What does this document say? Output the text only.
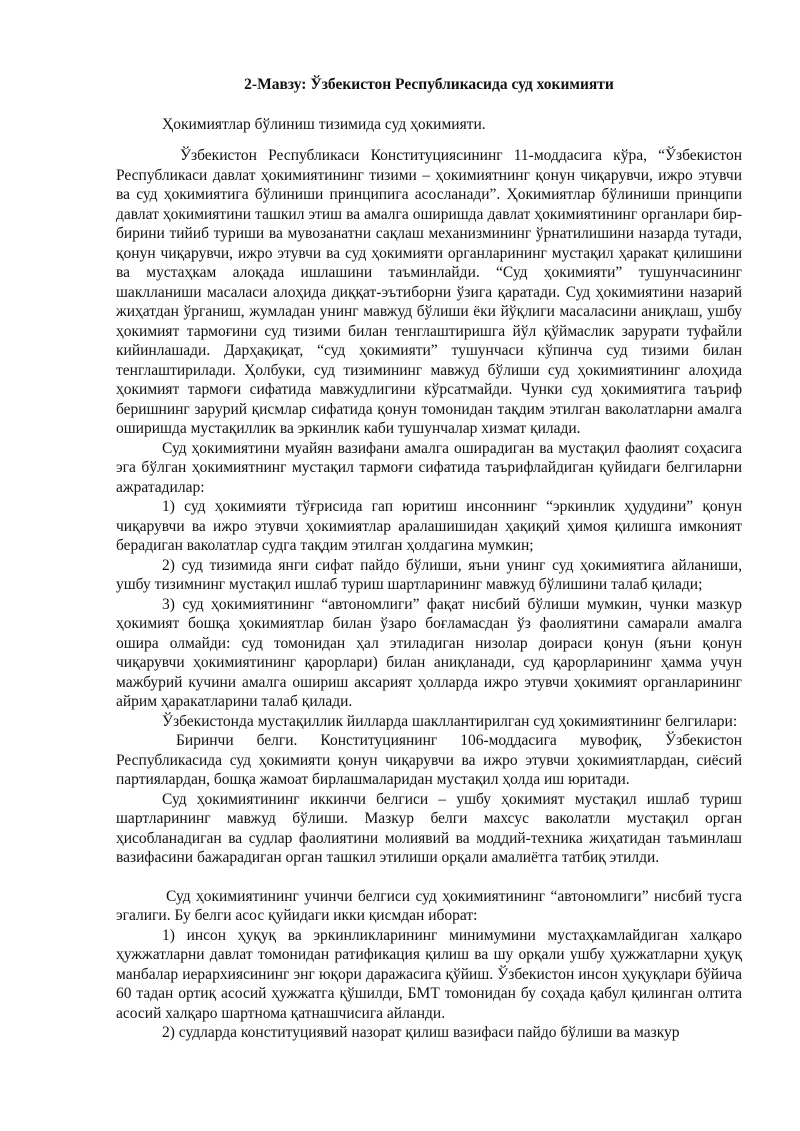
2-Мавзу: Ўзбекистон Республикасида суд хокимияти
Ҳокимиятлар бўлиниш тизимида суд ҳокимияти.

Ўзбекистон Республикаси Конституциясининг 11-моддасига кўра, “Ўзбекистон Республикаси давлат ҳокимиятининг тизими – ҳокимиятнинг қонун чиқарувчи, ижро этувчи ва суд ҳокимиятига бўлиниши принципига асосланади”. Ҳокимиятлар бўлиниши принципи давлат ҳокимиятини ташкил этиш ва амалга оширишда давлат ҳокимиятининг органлари бир-бирини тийиб туриши ва мувозанатни сақлаш механизмининг ўрнатилишини назарда тутади, қонун чиқарувчи, ижро этувчи ва суд ҳокимияти органларининг мустақил ҳаракат қилишини ва мустаҳкам алоқада ишлашини таъминлайди. “Суд ҳокимияти” тушунчасининг шаклланиши масаласи алоҳида диққат-эътиборни ўзига қаратади. Суд ҳокимиятини назарий жиҳатдан ўрганиш, жумладан унинг мавжуд бўлиши ёки йўқлиги масаласини аниқлаш, ушбу ҳокимият тармоғини суд тизими билан тенглаштиришга йўл қўймаслик зарурати туфайли кийинлашади. Дарҳақиқат, “суд ҳокимияти” тушунчаси кўпинча суд тизими билан тенглаштирилади. Ҳолбуки, суд тизимининг мавжуд бўлиши суд ҳокимиятининг алоҳида ҳокимият тармоғи сифатида мавжудлигини кўрсатмайди. Чунки суд ҳокимиятига таъриф беришнинг зарурий қисмлар сифатида қонун томонидан тақдим этилган ваколатларни амалга оширишда мустақиллик ва эркинлик каби тушунчалар хизмат қилади.

Суд ҳокимиятини муайян вазифани амалга оширадиган ва мустақил фаолият соҳасига эга бўлган ҳокимиятнинг мустақил тармоғи сифатида таърифлайдиган қуйидаги белгиларни ажратадилар:

1) суд ҳокимияти тўғрисида гап юритиш инсоннинг “эркинлик ҳудудини” қонун чиқарувчи ва ижро этувчи ҳокимиятлар аралашишидан ҳақиқий ҳимоя қилишга имконият берадиган ваколатлар судга тақдим этилган ҳолдагина мумкин;

2) суд тизимида янги сифат пайдо бўлиши, яъни унинг суд ҳокимиятига айланиши, ушбу тизимнинг мустақил ишлаб туриш шартларининг мавжуд бўлишини талаб қилади;

3) суд ҳокимиятининг “автономлиги” фақат нисбий бўлиши мумкин, чунки мазкур ҳокимият бошқа ҳокимиятлар билан ўзаро боғламасдан ўз фаолиятини самарали амалга ошира олмайди: суд томонидан ҳал этиладиган низолар доираси қонун (яъни қонун чиқарувчи ҳокимиятининг қарорлари) билан аниқланади, суд қарорларининг ҳамма учун мажбурий кучини амалга ошириш аксарият ҳолларда ижро этувчи ҳокимият органларининг айрим ҳаракатларини талаб қилади.

Ўзбекистонда мустақиллик йилларда шакллантирилган суд ҳокимиятининг белгилари:

Биринчи белги. Конституциянинг 106-моддасига мувофиқ, Ўзбекистон Республикасида суд ҳокимияти қонун чиқарувчи ва ижро этувчи ҳокимиятлардан, сиёсий партиялардан, бошқа жамоат бирлашмаларидан мустақил ҳолда иш юритади.

Суд ҳокимиятининг иккинчи белгиси – ушбу ҳокимият мустақил ишлаб туриш шартларининг мавжуд бўлиши. Мазкур белги махсус ваколатли мустақил орган ҳисобланадиган ва судлар фаолиятини молиявий ва моддий-техника жиҳатидан таъминлаш вазифасини бажарадиган орган ташкил этилиши орқали амалиётга татбиқ этилди.

Суд ҳокимиятининг учинчи белгиси суд ҳокимиятининг “автономлиги” нисбий тусга эгалиги. Бу белги асос қуйидаги икки қисмдан иборат:

1) инсон ҳуқуқ ва эркинликларининг минимумини мустаҳкамлайдиган халқаро ҳужжатларни давлат томонидан ратификация қилиш ва шу орқали ушбу ҳужжатларни ҳуқуқ манбалар иерархиясининг энг юқори даражасига қўйиш. Ўзбекистон инсон ҳуқуқлари бўйича 60 тадан ортиқ асосий ҳужжатга қўшилди, БМТ томонидан бу соҳада қабул қилинган олтита асосий халқаро шартнома қатнашчисига айланди.

2) судларда конституциявий назорат қилиш вазифаси пайдо бўлиши ва мазкур
